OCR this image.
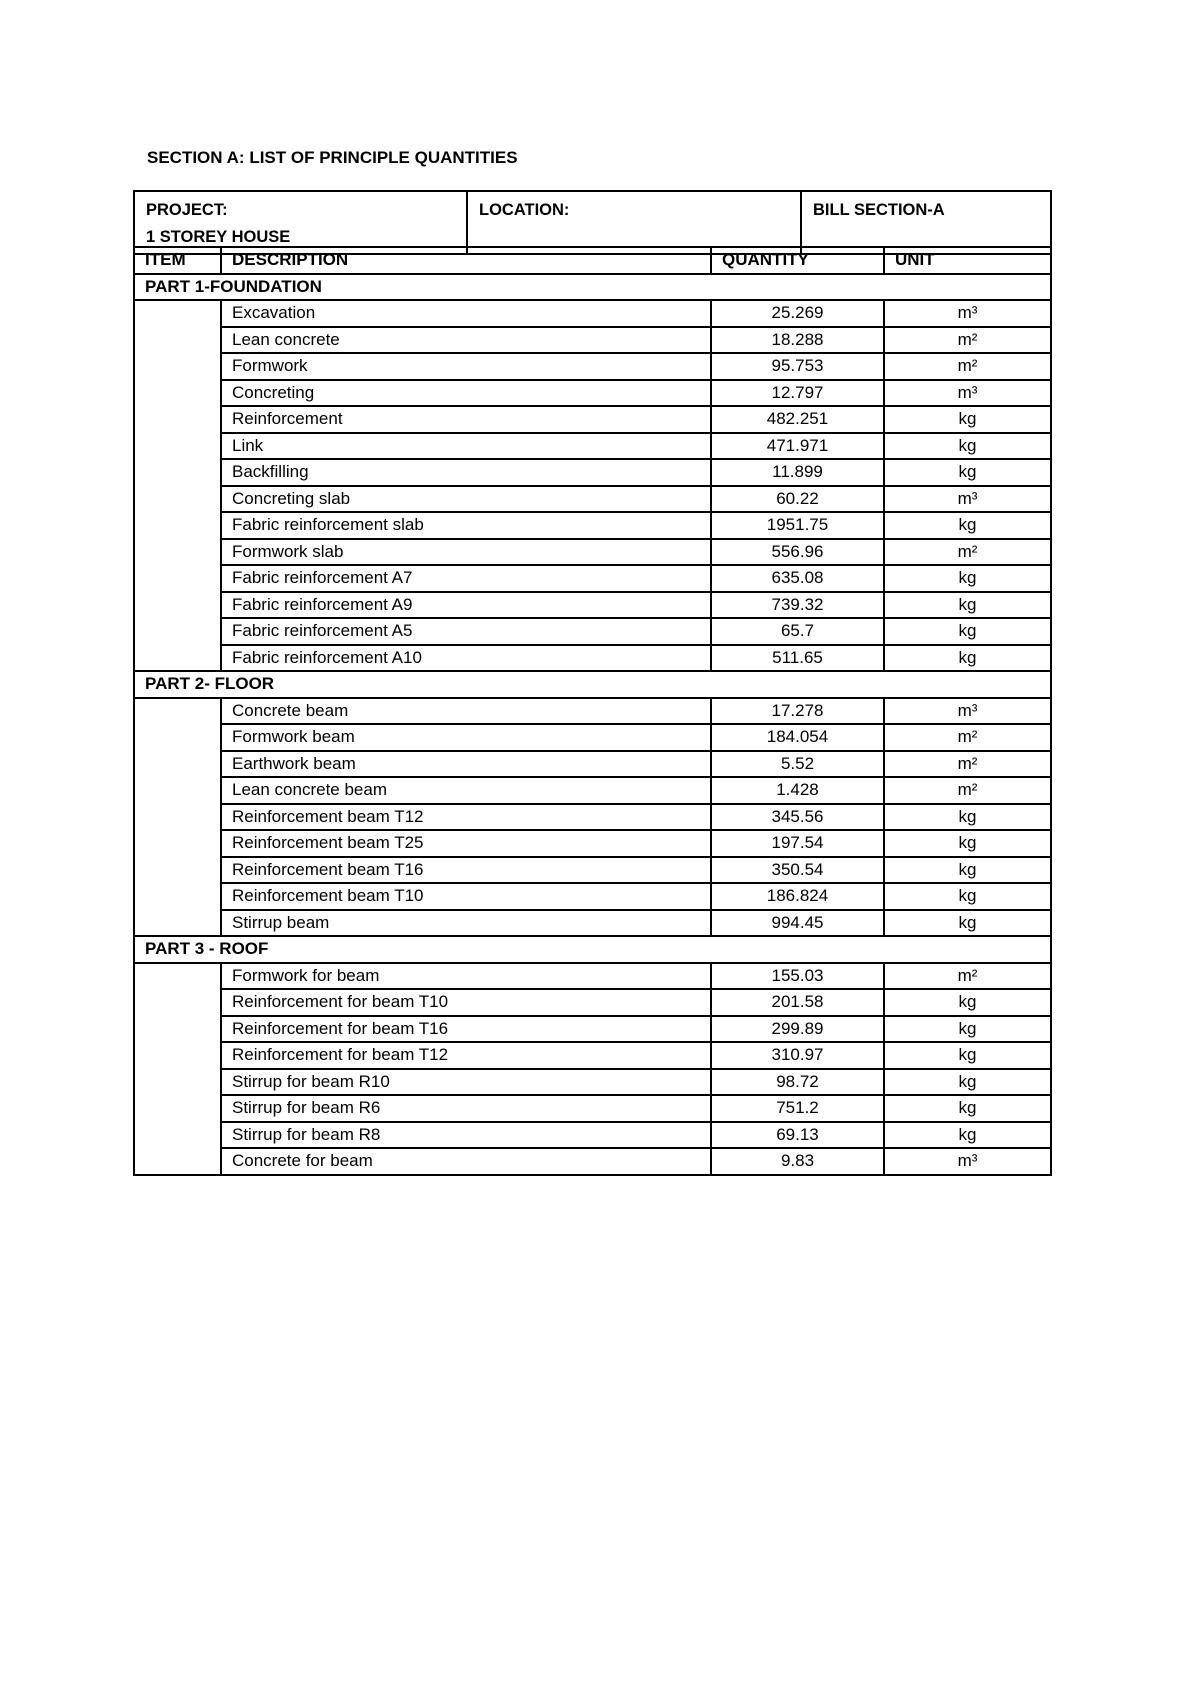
SECTION A: LIST OF PRINCIPLE QUANTITIES
PROJECT:
1 STOREY HOUSE

LOCATION:	BILL SECTION-A
ITEM	DESCRIPTION	QUANTITY	UNIT
PART 1-FOUNDATION			
	Excavation	25.269	m³
	Lean concrete	18.288	m²
	Formwork	95.753	m²
	Concreting	12.797	m³
	Reinforcement	482.251	kg
	Link	471.971	kg
	Backfilling	11.899	kg
	Concreting slab	60.22	m³
	Fabric reinforcement slab	1951.75	kg
	Formwork slab	556.96	m²
	Fabric reinforcement A7	635.08	kg
	Fabric reinforcement A9	739.32	kg
	Fabric reinforcement A5	65.7	kg
	Fabric reinforcement A10	511.65	kg
PART 2- FLOOR			
	Concrete beam	17.278	m³
	Formwork beam	184.054	m²
	Earthwork beam	5.52	m²
	Lean concrete beam	1.428	m²
	Reinforcement beam T12	345.56	kg
	Reinforcement beam T25	197.54	kg
	Reinforcement beam T16	350.54	kg
	Reinforcement beam T10	186.824	kg
	Stirrup beam	994.45	kg
PART 3 - ROOF			
	Formwork for beam	155.03	m²
	Reinforcement for beam T10	201.58	kg
	Reinforcement for beam T16	299.89	kg
	Reinforcement for beam T12	310.97	kg
	Stirrup for beam R10	98.72	kg
	Stirrup for beam R6	751.2	kg
	Stirrup for beam R8	69.13	kg
	Concrete for beam	9.83	m³
